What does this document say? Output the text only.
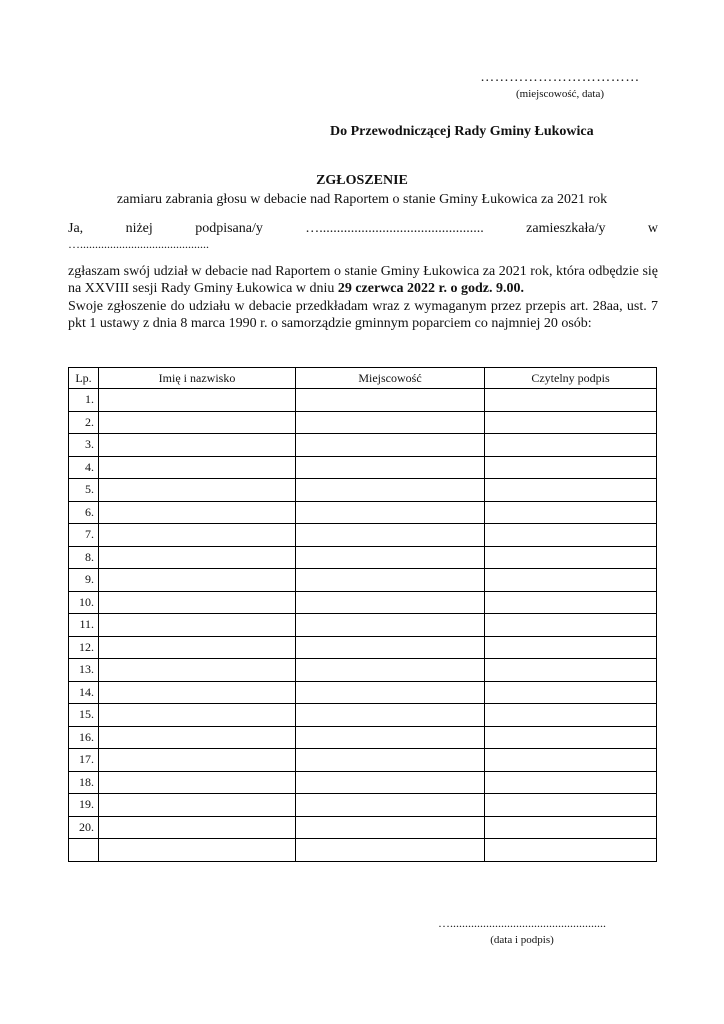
……………………………
(miejscowość, data)
Do Przewodniczącej Rady Gminy Łukowica
ZGŁOSZENIE
zamiaru zabrania głosu w debacie nad Raportem o stanie Gminy Łukowica za 2021 rok
Ja,	niżej	podpisana/y	…...............................................	zamieszkała/y	w
…...........................................
zgłaszam swój udział w debacie nad Raportem o stanie Gminy Łukowica za 2021 rok, która odbędzie się na XXVIII sesji Rady Gminy Łukowica w dniu 29 czerwca 2022 r. o godz. 9.00.
Swoje zgłoszenie do udziału w debacie przedkładam wraz z wymaganym przez przepis art. 28aa, ust. 7 pkt 1 ustawy z dnia 8 marca 1990 r. o samorządzie gminnym poparciem co najmniej 20 osób:
Lp.	Imię i nazwisko	Miejscowość	Czytelny podpis
1.			
2.			
3.			
4.			
5.			
6.			
7.			
8.			
9.			
10.			
11.			
12.			
13.			
14.			
15.			
16.			
17.			
18.			
19.			
20.			

…....................................................
(data i podpis)
